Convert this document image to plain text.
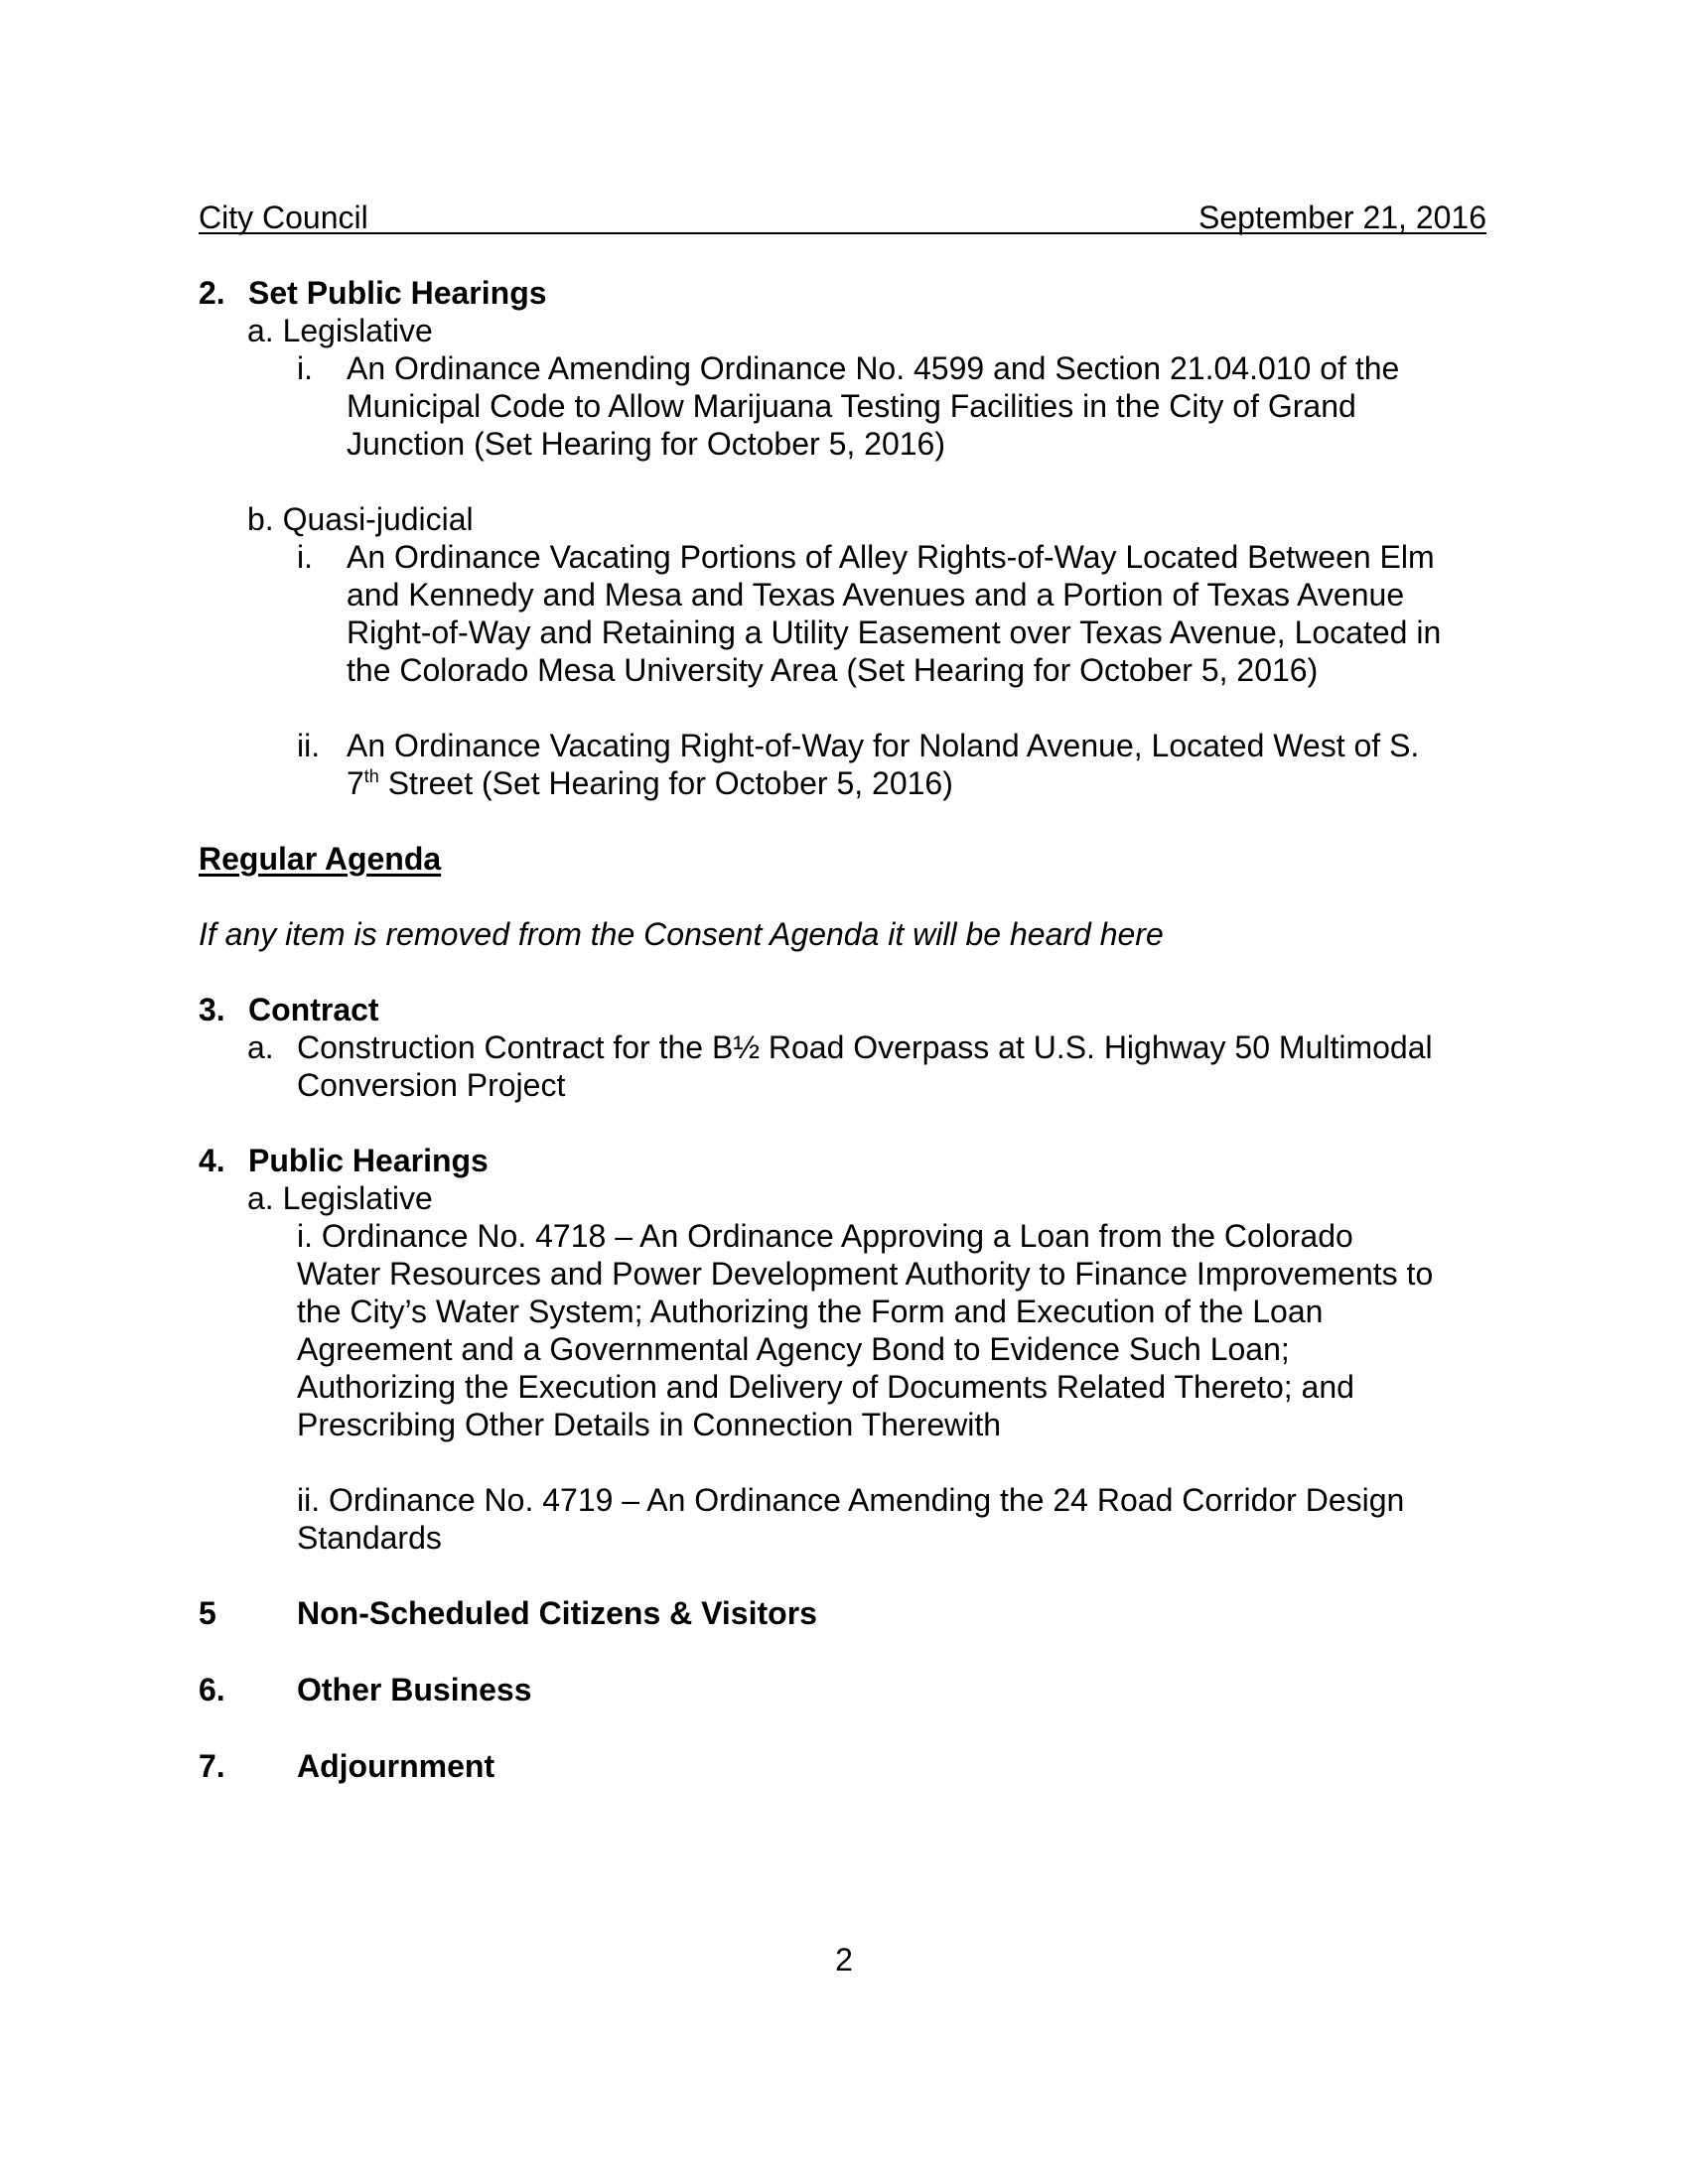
City Council	September 21, 2016
2. Set Public Hearings
a. Legislative
i. An Ordinance Amending Ordinance No. 4599 and Section 21.04.010 of the
Municipal Code to Allow Marijuana Testing Facilities in the City of Grand
Junction (Set Hearing for October 5, 2016)
b. Quasi-judicial
i. An Ordinance Vacating Portions of Alley Rights-of-Way Located Between Elm
and Kennedy and Mesa and Texas Avenues and a Portion of Texas Avenue
Right-of-Way and Retaining a Utility Easement over Texas Avenue, Located in
the Colorado Mesa University Area (Set Hearing for October 5, 2016)
ii. An Ordinance Vacating Right-of-Way for Noland Avenue, Located West of S.
7th Street (Set Hearing for October 5, 2016)
Regular Agenda
If any item is removed from the Consent Agenda it will be heard here
3. Contract
a. Construction Contract for the B½ Road Overpass at U.S. Highway 50 Multimodal
Conversion Project
4. Public Hearings
a. Legislative
i. Ordinance No. 4718 – An Ordinance Approving a Loan from the Colorado
Water Resources and Power Development Authority to Finance Improvements to
the City’s Water System; Authorizing the Form and Execution of the Loan
Agreement and a Governmental Agency Bond to Evidence Such Loan;
Authorizing the Execution and Delivery of Documents Related Thereto; and
Prescribing Other Details in Connection Therewith
ii. Ordinance No. 4719 – An Ordinance Amending the 24 Road Corridor Design
Standards
5	Non-Scheduled Citizens & Visitors
6. Other Business
7. Adjournment
2
